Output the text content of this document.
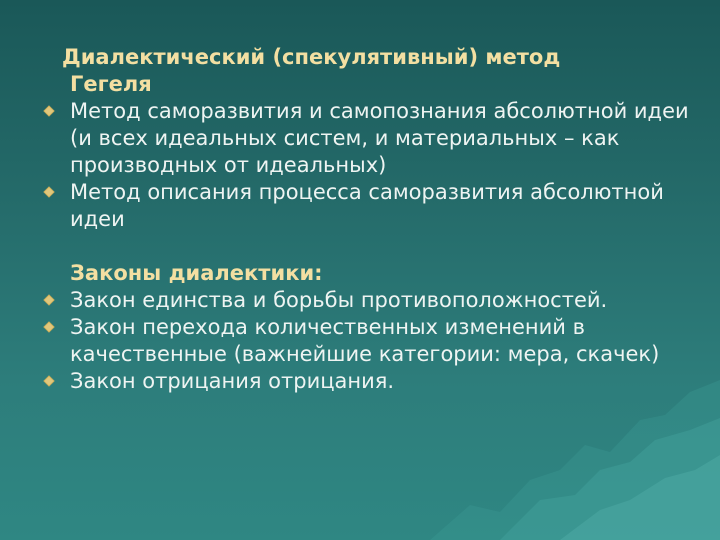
Диалектический (спекулятивный) метод
Гегеля
Метод саморазвития и самопознания абсолютной идеи (и всех идеальных систем, и материальных – как производных от идеальных)
Метод описания процесса саморазвития абсолютной идеи
Законы диалектики:
Закон единства и борьбы противоположностей.
Закон перехода количественных изменений в качественные (важнейшие категории: мера, скачек)
Закон отрицания отрицания.
